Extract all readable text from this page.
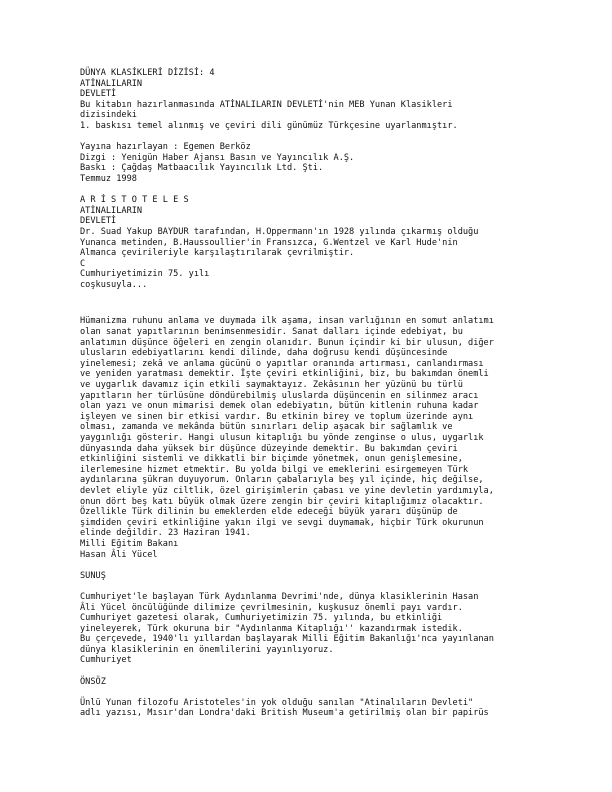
DÜNYA KLASİKLERİ DİZİSİ: 4
ATİNALILARIN
DEVLETİ
Bu kitabın hazırlanmasında ATİNALILARIN DEVLETİ'nin MEB Yunan Klasikleri
dizisindeki
1. baskısı temel alınmış ve çeviri dili günümüz Türkçesine uyarlanmıştır.
Yayına hazırlayan : Egemen Berköz
Dizgi : Yenigün Haber Ajansı Basın ve Yayıncılık A.Ş.
Baskı : Çağdaş Matbaacılık Yayıncılık Ltd. Şti.
Temmuz 1998
A R İ S T O T E L E S
ATİNALILARIN
DEVLETİ
Dr. Suad Yakup BAYDUR tarafından, H.Oppermann'ın 1928 yılında çıkarmış olduğu
Yunanca metinden, B.Haussoullier'in Fransızca, G.Wentzel ve Karl Hude'nin
Almanca çevirileriyle karşılaştırılarak çevrilmiştir.
C
Cumhuriyetimizin 75. yılı
coşkusuyla...
Hümanizma ruhunu anlama ve duymada ilk aşama, insan varlığının en somut anlatımı
olan sanat yapıtlarının benimsenmesidir. Sanat dalları içinde edebiyat, bu
anlatımın düşünce öğeleri en zengin olanıdır. Bunun içindir ki bir ulusun, diğer
ulusların edebiyatlarını kendi dilinde, daha doğrusu kendi düşüncesinde
yinelemesi; zekâ ve anlama gücünü o yapıtlar oranında artırması, canlandırması
ve yeniden yaratması demektir. İşte çeviri etkinliğini, biz, bu bakımdan önemli
ve uygarlık davamız için etkili saymaktayız. Zekâsının her yüzünü bu türlü
yapıtların her türlüsüne döndürebilmiş uluslarda düşüncenin en silinmez aracı
olan yazı ve onun mimarisi demek olan edebiyatın, bütün kitlenin ruhuna kadar
işleyen ve sinen bir etkisi vardır. Bu etkinin birey ve toplum üzerinde aynı
olması, zamanda ve mekânda bütün sınırları delip aşacak bir sağlamlık ve
yaygınlığı gösterir. Hangi ulusun kitaplığı bu yönde zenginse o ulus, uygarlık
dünyasında daha yüksek bir düşünce düzeyinde demektir. Bu bakımdan çeviri
etkinliğini sistemli ve dikkatli bir biçimde yönetmek, onun genişlemesine,
ilerlemesine hizmet etmektir. Bu yolda bilgi ve emeklerini esirgemeyen Türk
aydınlarına şükran duyuyorum. Onların çabalarıyla beş yıl içinde, hiç değilse,
devlet eliyle yüz ciltlik, özel girişimlerin çabası ve yine devletin yardımıyla,
onun dört beş katı büyük olmak üzere zengin bir çeviri kitaplığımız olacaktır.
Özellikle Türk dilinin bu emeklerden elde edeceği büyük yararı düşünüp de
şimdiden çeviri etkinliğine yakın ilgi ve sevgi duymamak, hiçbir Türk okurunun
elinde değildir. 23 Haziran 1941.
Milli Eğitim Bakanı
Hasan Âli Yücel
SUNUŞ
Cumhuriyet'le başlayan Türk Aydınlanma Devrimi'nde, dünya klasiklerinin Hasan
Âli Yücel öncülüğünde dilimize çevrilmesinin, kuşkusuz önemli payı vardır.
Cumhuriyet gazetesi olarak, Cumhuriyetimizin 75. yılında, bu etkinliği
yineleyerek, Türk okuruna bir "Aydınlanma Kitaplığı'' kazandırmak istedik.
Bu çerçevede, 1940'lı yıllardan başlayarak Milli Eğitim Bakanlığı'nca yayınlanan
dünya klasiklerinin en önemlilerini yayınlıyoruz.
Cumhuriyet
ÖNSÖZ
Ünlü Yunan filozofu Aristoteles'in yok olduğu sanılan "Atinalıların Devleti"
adlı yazısı, Mısır'dan Londra'daki British Museum'a getirilmiş olan bir papirüs
